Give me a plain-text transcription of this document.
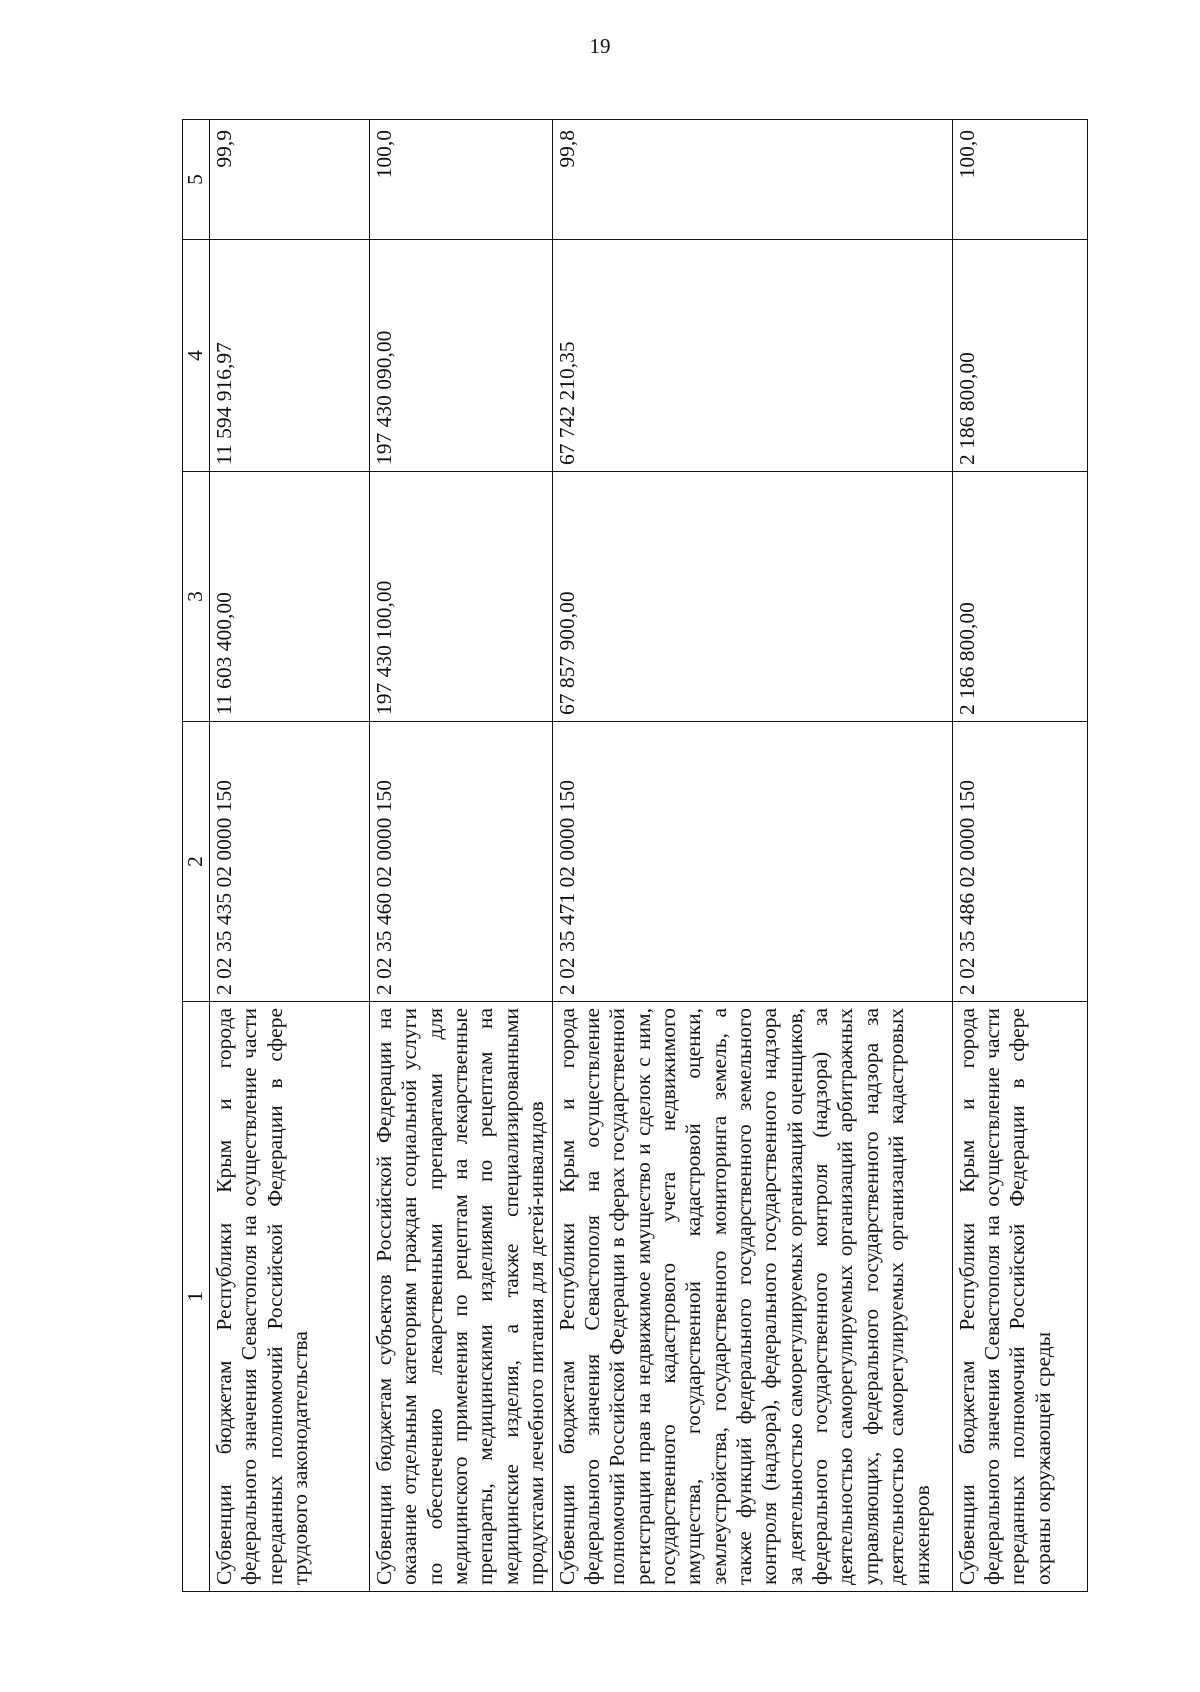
19
1	2	3	4	5
Субвенции бюджетам Республики Крым и города федерального значения Севастополя на осуществление части переданных полномочий Российской Федерации в сфере трудового законодательства	2 02 35 435 02 0000 150	11 603 400,00	11 594 916,97	99,9
Субвенции бюджетам субъектов Российской Федерации на оказание отдельным категориям граждан социальной услуги по обеспечению лекарственными препаратами для медицинского применения по рецептам на лекарственные препараты, медицинскими изделиями по рецептам на медицинские изделия, а также специализированными продуктами лечебного питания для детей-инвалидов	2 02 35 460 02 0000 150	197 430 100,00	197 430 090,00	100,0
Субвенции бюджетам Республики Крым и города федерального значения Севастополя на осуществление полномочий Российской Федерации в сферах государственной регистрации прав на недвижимое имущество и сделок с ним, государственного кадастрового учета недвижимого имущества, государственной кадастровой оценки, землеустройства, государственного мониторинга земель, а также функций федерального государственного земельного контроля (надзора), федерального государственного надзора за деятельностью саморегулируемых организаций оценщиков, федерального государственного контроля (надзора) за деятельностью саморегулируемых организаций арбитражных управляющих, федерального государственного надзора за деятельностью саморегулируемых организаций кадастровых инженеров	2 02 35 471 02 0000 150	67 857 900,00	67 742 210,35	99,8
Субвенции бюджетам Республики Крым и города федерального значения Севастополя на осуществление части переданных полномочий Российской Федерации в сфере охраны окружающей среды	2 02 35 486 02 0000 150	2 186 800,00	2 186 800,00	100,0
